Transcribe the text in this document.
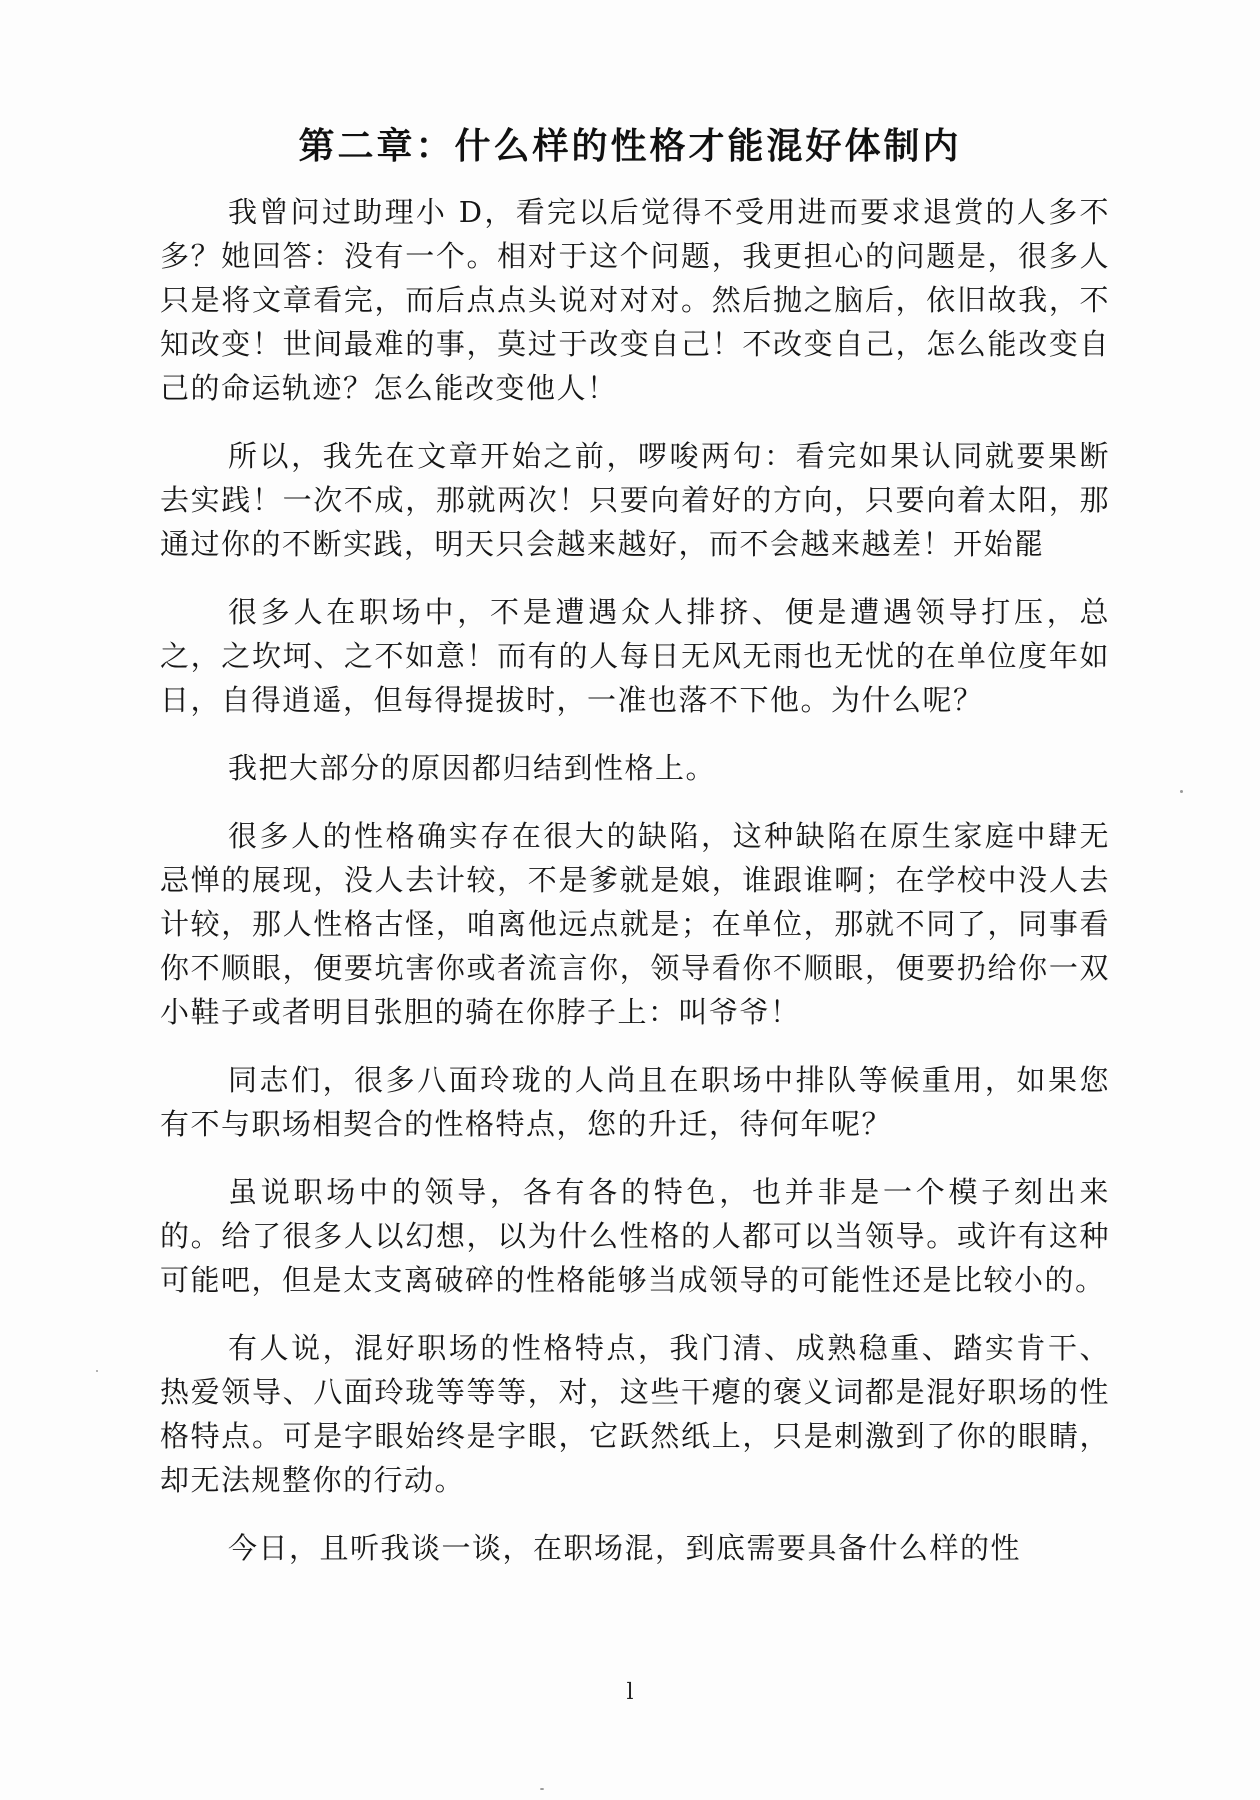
第二章：什么样的性格才能混好体制内

我曾问过助理小 D，看完以后觉得不受用进而要求退赏的人多不多？她回答：没有一个。相对于这个问题，我更担心的问题是，很多人只是将文章看完，而后点点头说对对对。然后抛之脑后，依旧故我，不知改变！世间最难的事，莫过于改变自己！不改变自己，怎么能改变自己的命运轨迹？怎么能改变他人！

所以，我先在文章开始之前，啰唆两句：看完如果认同就要果断去实践！一次不成，那就两次！只要向着好的方向，只要向着太阳，那通过你的不断实践，明天只会越来越好，而不会越来越差！开始罷

很多人在职场中，不是遭遇众人排挤、便是遭遇领导打压，总之，之坎坷、之不如意！而有的人每日无风无雨也无忧的在单位度年如日，自得逍遥，但每得提拔时，一准也落不下他。为什么呢？

我把大部分的原因都归结到性格上。

很多人的性格确实存在很大的缺陷，这种缺陷在原生家庭中肆无忌惮的展现，没人去计较，不是爹就是娘，谁跟谁啊；在学校中没人去计较，那人性格古怪，咱离他远点就是；在单位，那就不同了，同事看你不顺眼，便要坑害你或者流言你，领导看你不顺眼，便要扔给你一双小鞋子或者明目张胆的骑在你脖子上：叫爷爷！

同志们，很多八面玲珑的人尚且在职场中排队等候重用，如果您有不与职场相契合的性格特点，您的升迁，待何年呢？

虽说职场中的领导，各有各的特色，也并非是一个模子刻出来的。给了很多人以幻想，以为什么性格的人都可以当领导。或许有这种可能吧，但是太支离破碎的性格能够当成领导的可能性还是比较小的。

有人说，混好职场的性格特点，我门清、成熟稳重、踏实肯干、热爱领导、八面玲珑等等等，对，这些干瘪的褒义词都是混好职场的性格特点。可是字眼始终是字眼，它跃然纸上，只是刺激到了你的眼睛，却无法规整你的行动。

今日，且听我谈一谈，在职场混，到底需要具备什么样的性

l
